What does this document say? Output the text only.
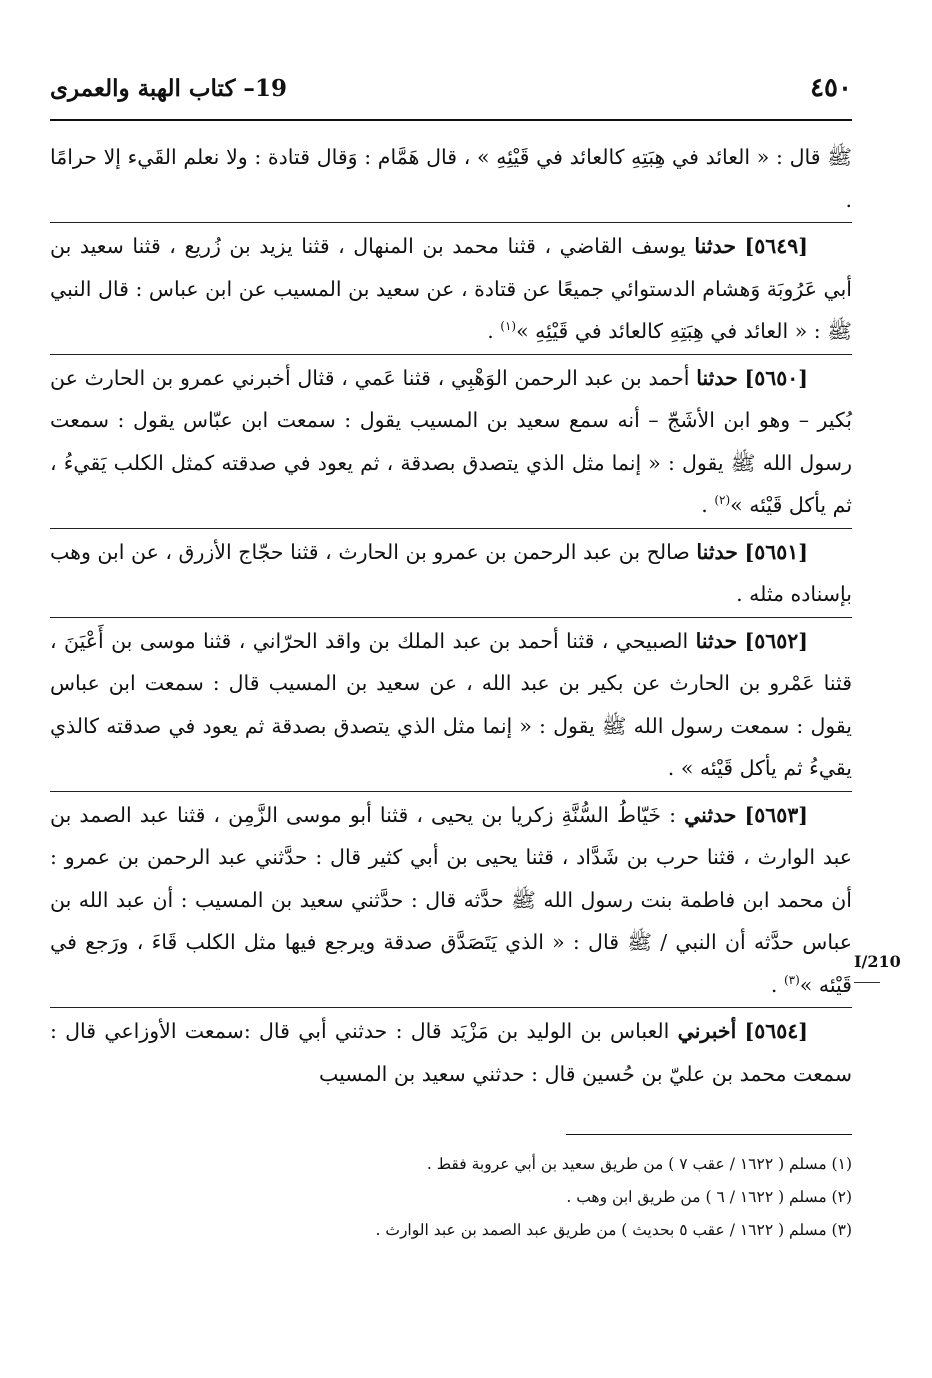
٤٥٠
19– كتاب الهبة والعمرى

ﷺ قال : « العائد في هِبَتِهِ كالعائد في قَيْئِهِ » ، قال هَمَّام : وَقال قتادة : ولا نعلم القَيء إلا حرامًا .

[٥٦٤٩] حدثنا يوسف القاضي ، قثنا محمد بن المنهال ، قثنا يزيد بن زُريع ، قثنا سعيد بن أبي عَرُوبَة وَهشام الدستوائي جميعًا عن قتادة ، عن سعيد بن المسيب عن ابن عباس : قال النبي ﷺ : « العائد في هِبَتِهِ كالعائد في قَيْئِهِ »$^{(١)}$ .

[٥٦٥٠] حدثنا أحمد بن عبد الرحمن الوَهْبِي ، قثنا عَمي ، قثال أخبرني عمرو بن الحارث عن بُكير – وهو ابن الأشَجّ – أنه سمع سعيد بن المسيب يقول : سمعت ابن عبّاس يقول : سمعت رسول الله ﷺ يقول : « إنما مثل الذي يتصدق بصدقة ، ثم يعود في صدقته كمثل الكلب يَقيءُ ، ثم يأكل قَيْئه »$^{(٢)}$ .

[٥٦٥١] حدثنا صالح بن عبد الرحمن بن عمرو بن الحارث ، قثنا حجّاج الأزرق ، عن ابن وهب بإسناده مثله .

[٥٦٥٢] حدثنا الصبيحي ، قثنا أحمد بن عبد الملك بن واقد الحرّاني ، قثنا موسى بن أَعْيَنَ ، قثنا عَمْرو بن الحارث عن بكير بن عبد الله ، عن سعيد بن المسيب قال : سمعت ابن عباس يقول : سمعت رسول الله ﷺ يقول : « إنما مثل الذي يتصدق بصدقة ثم يعود في صدقته كالذي يقيءُ ثم يأكل قَيْئه » .

[٥٦٥٣] حدثني : خَيّاطُ السُّنَّةِ زكريا بن يحيى ، قثنا أبو موسى الزَّمِن ، قثنا عبد الصمد بن عبد الوارث ، قثنا حرب بن شَدَّاد ، قثنا يحيى بن أبي كثير قال : حدَّثني عبد الرحمن بن عمرو : أن محمد ابن فاطمة بنت رسول الله ﷺ حدَّثه قال : حدَّثني سعيد بن المسيب : أن عبد الله بن عباس حدَّثه أن النبي / ﷺ قال : « الذي يَتَصَدَّق صدقة ويرجع فيها مثل الكلب قَاءَ ، ورَجع في قَيْئه »$^{(٣)}$ .

[٥٦٥٤] أخبرني العباس بن الوليد بن مَزْيَد قال : حدثني أبي قال :سمعت الأوزاعي قال : سمعت محمد بن عليّ بن حُسين قال : حدثني سعيد بن المسيب

I/210

(١) مسلم ( ١٦٢٢ / عقب ٧ ) من طريق سعيد بن أبي عروبة فقط .

(٢) مسلم ( ١٦٢٢ / ٦ ) من طريق ابن وهب .

(٣) مسلم ( ١٦٢٢ / عقب ٥ بحديث ) من طريق عبد الصمد بن عبد الوارث .
